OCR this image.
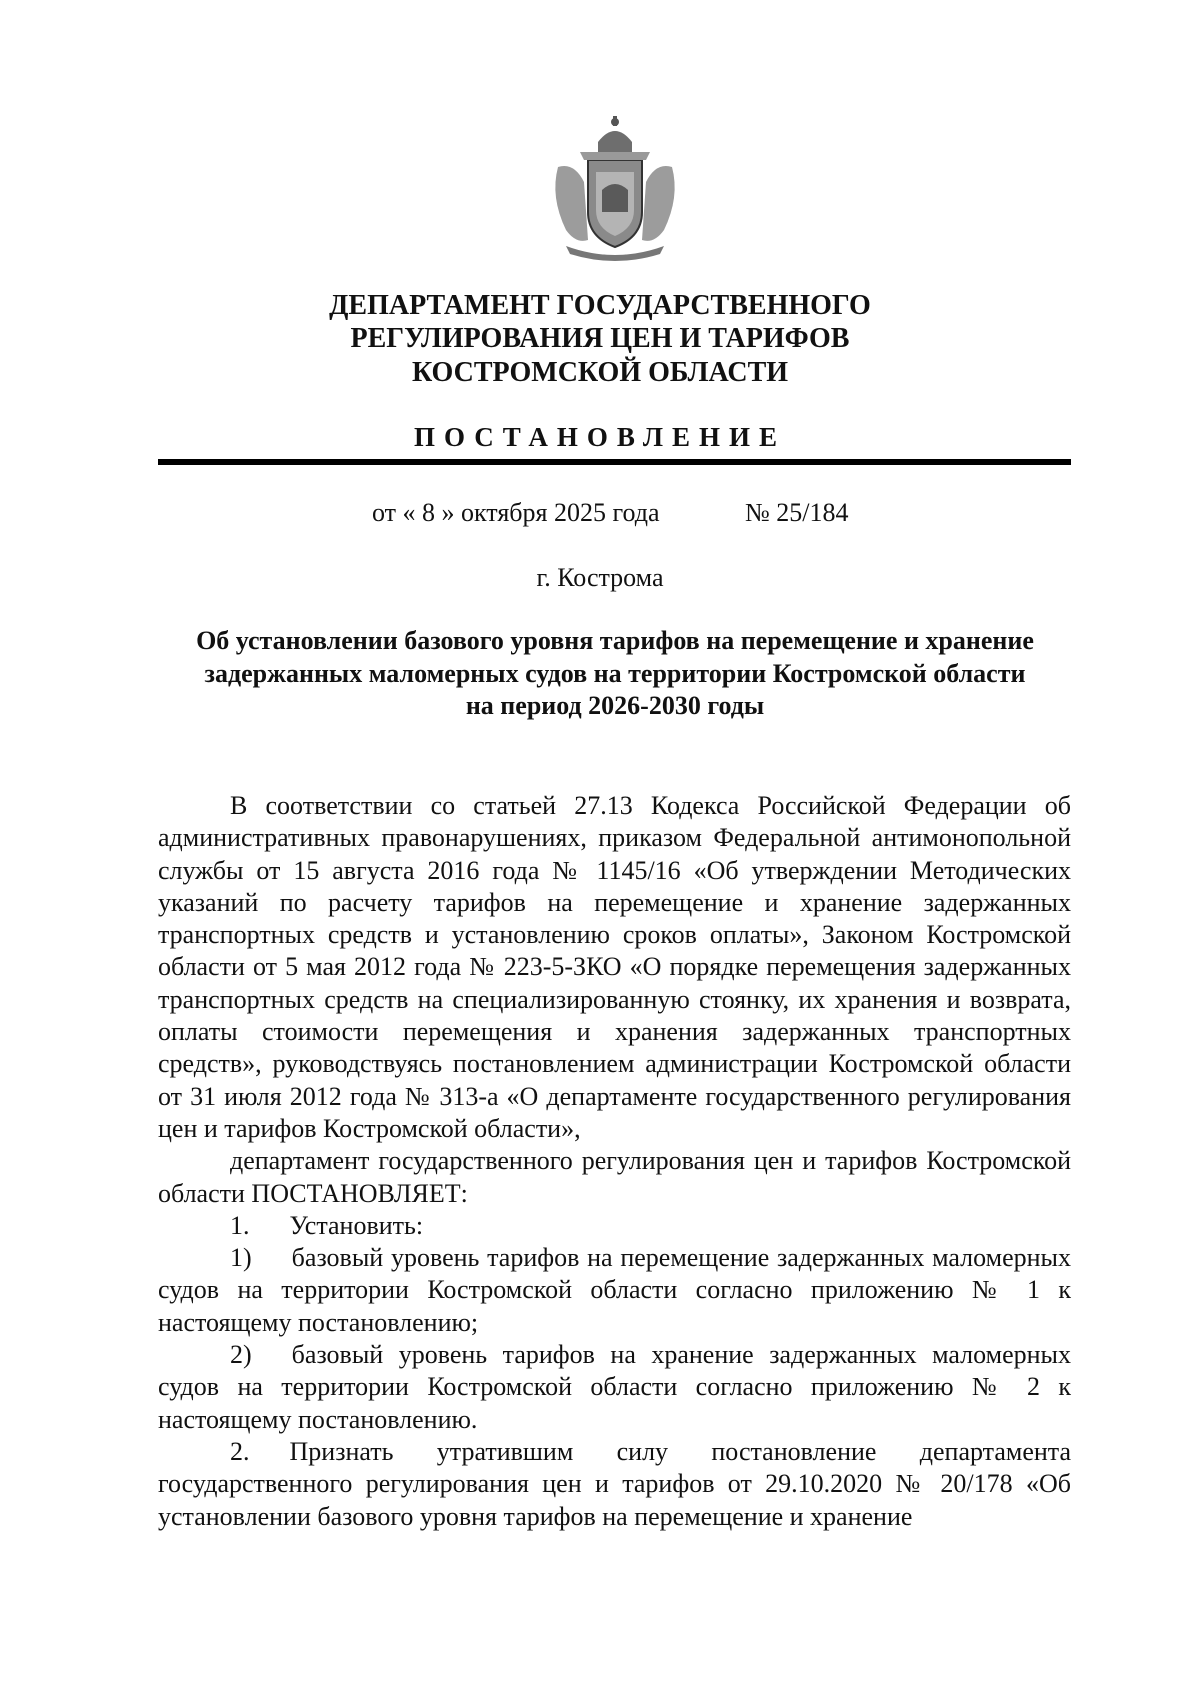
ДЕПАРТАМЕНТ ГОСУДАРСТВЕННОГО
РЕГУЛИРОВАНИЯ ЦЕН И ТАРИФОВ
КОСТРОМСКОЙ ОБЛАСТИ
ПОСТАНОВЛЕНИЕ
от « 8 » октября 2025 года	№ 25/184
г. Кострома
Об установлении базового уровня тарифов на перемещение и хранение
задержанных маломерных судов на территории Костромской области
на период 2026-2030 годы

В соответствии со статьей 27.13 Кодекса Российской Федерации об административных правонарушениях, приказом Федеральной антимонопольной службы от 15 августа 2016 года № 1145/16 «Об утверждении Методических указаний по расчету тарифов на перемещение и хранение задержанных транспортных средств и установлению сроков оплаты», Законом Костромской области от 5 мая 2012 года № 223-5-ЗКО «О порядке перемещения задержанных транспортных средств на специализированную стоянку, их хранения и возврата, оплаты стоимости перемещения и хранения задержанных транспортных средств», руководствуясь постановлением администрации Костромской области от 31 июля 2012 года № 313-а «О департаменте государственного регулирования цен и тарифов Костромской области»,

департамент государственного регулирования цен и тарифов Костромской области ПОСТАНОВЛЯЕТ:

1. Установить:

1) базовый уровень тарифов на перемещение задержанных маломерных судов на территории Костромской области согласно приложению № 1 к настоящему постановлению;

2) базовый уровень тарифов на хранение задержанных маломерных судов на территории Костромской области согласно приложению № 2 к настоящему постановлению.

2. Признать утратившим силу постановление департамента государственного регулирования цен и тарифов от 29.10.2020 № 20/178 «Об установлении базового уровня тарифов на перемещение и хранение
